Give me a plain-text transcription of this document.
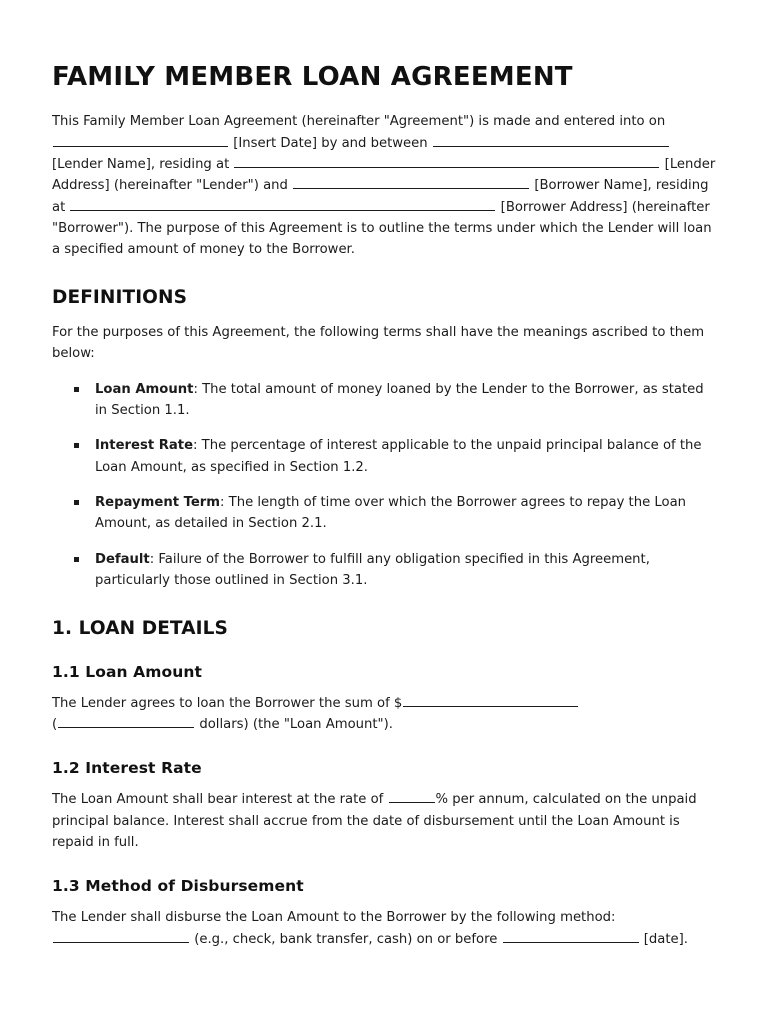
FAMILY MEMBER LOAN AGREEMENT

This Family Member Loan Agreement (hereinafter "Agreement") is made and entered into on  [Insert Date] by and between  [Lender Name], residing at	[Lender Address] (hereinafter "Lender") and	[Borrower Name], residing at	[Borrower Address] (hereinafter "Borrower"). The purpose of this Agreement is to outline the terms under which the Lender will loan a specified amount of money to the Borrower.

DEFINITIONS

For the purposes of this Agreement, the following terms shall have the meanings ascribed to them below:

Loan Amount: The total amount of money loaned by the Lender to the Borrower, as stated in Section 1.1.
Interest Rate: The percentage of interest applicable to the unpaid principal balance of the Loan Amount, as specified in Section 1.2.
Repayment Term: The length of time over which the Borrower agrees to repay the Loan Amount, as detailed in Section 2.1.
Default: Failure of the Borrower to fulfill any obligation specified in this Agreement, particularly those outlined in Section 3.1.
1. LOAN DETAILS
1.1 Loan Amount

The Lender agrees to loan the Borrower the sum of $
(	dollars) (the "Loan Amount").

1.2 Interest Rate

The Loan Amount shall bear interest at the rate of	% per annum, calculated on the unpaid principal balance. Interest shall accrue from the date of disbursement until the Loan Amount is repaid in full.

1.3 Method of Disbursement

The Lender shall disburse the Loan Amount to the Borrower by the following method:
(e.g., check, bank transfer, cash) on or before	[date].
